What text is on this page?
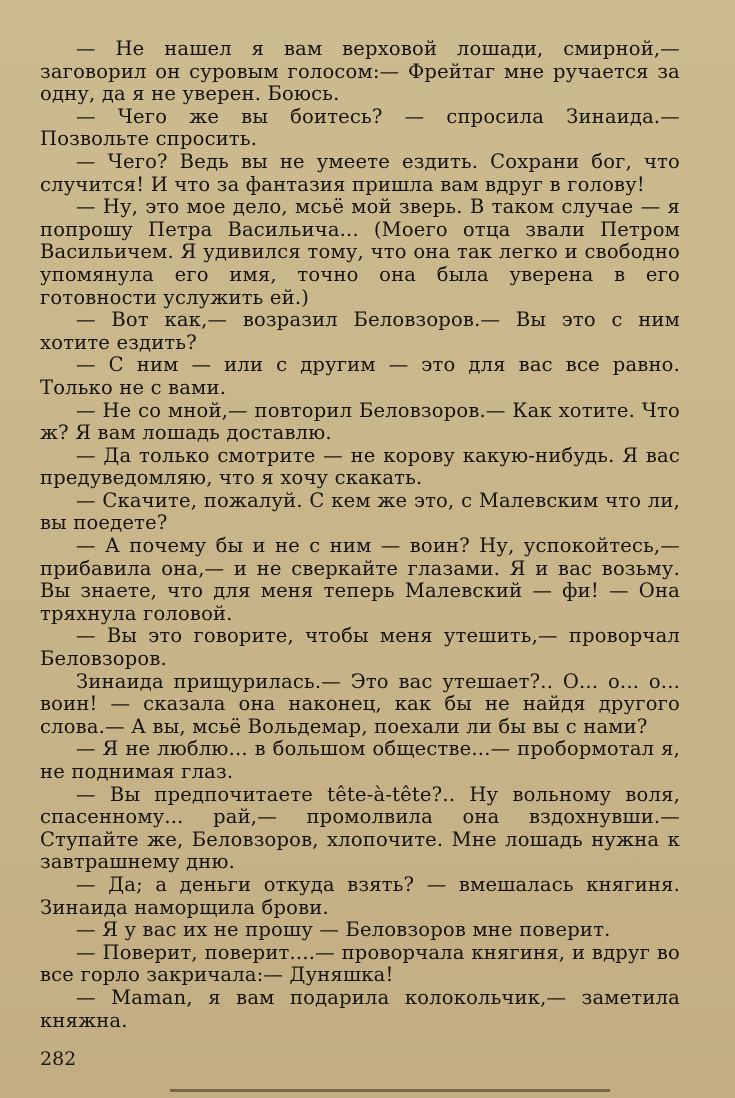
— Не нашел я вам верховой лошади, смирной,— заговорил он суровым голосом:— Фрейтаг мне ручается за одну, да я не уверен. Боюсь.

— Чего же вы боитесь? — спросила Зинаида.— Позвольте спросить.

— Чего? Ведь вы не умеете ездить. Сохрани бог, что случится! И что за фантазия пришла вам вдруг в голову!

— Ну, это мое дело, мсьё мой зверь. В таком случае — я попрошу Петра Васильича... (Моего отца звали Петром Васильичем. Я удивился тому, что она так легко и свободно упомянула его имя, точно она была уверена в его готовности услужить ей.)

— Вот как,— возразил Беловзоров.— Вы это с ним хотите ездить?

— С ним — или с другим — это для вас все равно. Только не с вами.

— Не со мной,— повторил Беловзоров.— Как хотите. Что ж? Я вам лошадь доставлю.

— Да только смотрите — не корову какую-нибудь. Я вас предуведомляю, что я хочу скакать.

— Скачите, пожалуй. С кем же это, с Малевским что ли, вы поедете?

— А почему бы и не с ним — воин? Ну, успокойтесь,— прибавила она,— и не сверкайте глазами. Я и вас возьму. Вы знаете, что для меня теперь Малевский — фи! — Она тряхнула головой.

— Вы это говорите, чтобы меня утешить,— проворчал Беловзоров.

Зинаида прищурилась.— Это вас утешает?.. О... о... о... воин! — сказала она наконец, как бы не найдя другого слова.— А вы, мсьё Вольдемар, поехали ли бы вы с нами?

— Я не люблю... в большом обществе...— пробормотал я, не поднимая глаз.

— Вы предпочитаете tête-à-tête?.. Ну вольному воля, спасенному... рай,— промолвила она вздохнувши.— Ступайте же, Беловзоров, хлопочите. Мне лошадь нужна к завтрашнему дню.

— Да; а деньги откуда взять? — вмешалась княгиня. Зинаида наморщила брови.

— Я у вас их не прошу — Беловзоров мне поверит.

— Поверит, поверит....— проворчала княгиня, и вдруг во все горло закричала:— Дуняшка!

— Maman, я вам подарила колокольчик,— заметила княжна.

282
